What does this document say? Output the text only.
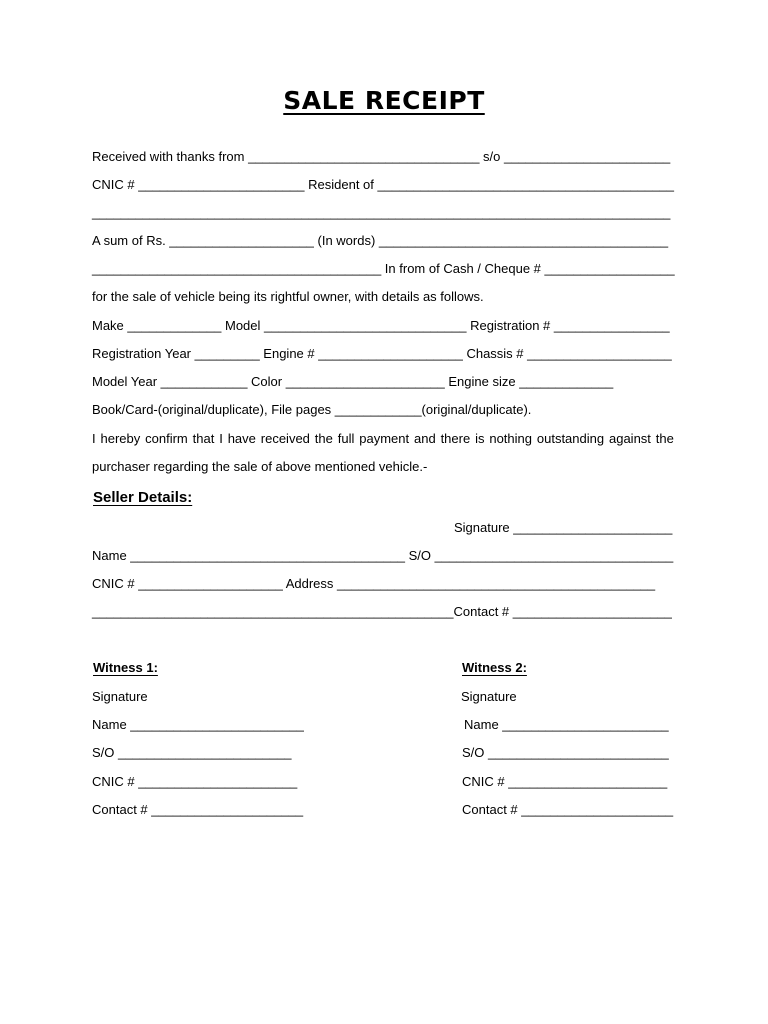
SALE RECEIPT
Received with thanks from ________________________________ s/o _______________________
CNIC # _______________________ Resident of _________________________________________
________________________________________________________________________________
A sum of Rs. ____________________ (In words) ________________________________________
________________________________________ In from of Cash / Cheque # __________________
for the sale of vehicle being its rightful owner, with details as follows.
Make _____________ Model ____________________________ Registration # ________________
Registration Year _________ Engine # ____________________ Chassis # ____________________
Model Year ____________ Color ______________________ Engine size _____________
Book/Card-(original/duplicate), File pages ____________(original/duplicate).
I hereby confirm that I have received the full payment and there is nothing outstanding against the
purchaser regarding the sale of above mentioned vehicle.-
Seller Details:
Signature ______________________
Name ______________________________________ S/O _________________________________
CNIC # ____________________ Address ____________________________________________
__________________________________________________Contact # ______________________
Witness 1:
Signature
Name ________________________
S/O ________________________
CNIC # ______________________
Contact # _____________________
Witness 2:
Signature
Name _______________________
S/O _________________________
CNIC # ______________________
Contact # _____________________
